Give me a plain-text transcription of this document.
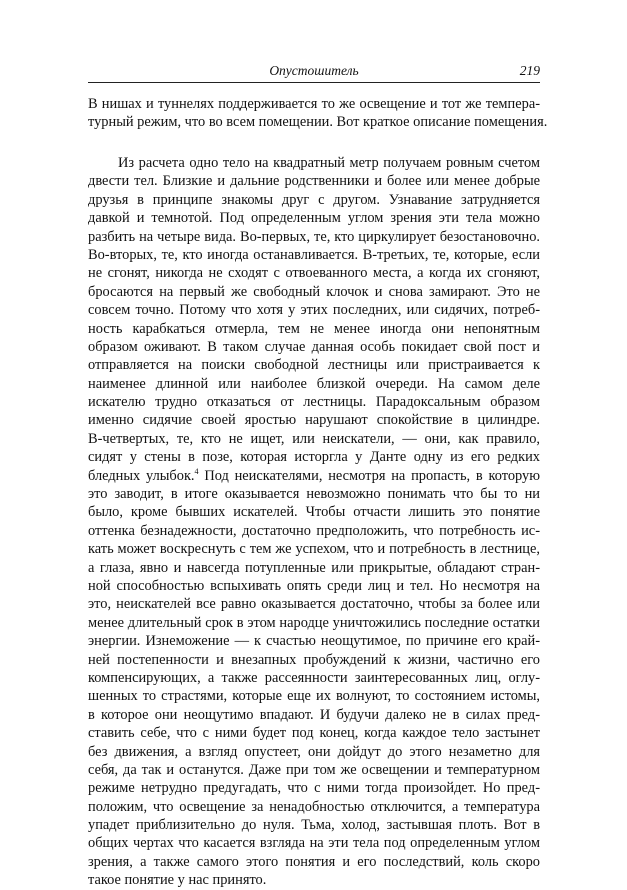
Опустошитель	219
В нишах и туннелях поддерживается то же освещение и тот же темпера-
турный режим, что во всем помещении. Вот краткое описание помещения.
Из расчета одно тело на квадратный метр получаем ровным счетом
двести тел. Близкие и дальние родственники и более или менее добрые
друзья в принципе знакомы друг с другом. Узнавание затрудняется
давкой и темнотой. Под определенным углом зрения эти тела можно
разбить на четыре вида. Во-первых, те, кто циркулирует безостановочно.
Во-вторых, те, кто иногда останавливается. В-третьих, те, которые, если
не сгонят, никогда не сходят с отвоеванного места, а когда их сгоняют,
бросаются на первый же свободный клочок и снова замирают. Это не
совсем точно. Потому что хотя у этих последних, или сидячих, потреб-
ность карабкаться отмерла, тем не менее иногда они непонятным
образом оживают. В таком случае данная особь покидает свой пост и
отправляется на поиски свободной лестницы или пристраивается к
наименее длинной или наиболее близкой очереди. На самом деле
искателю трудно отказаться от лестницы. Парадоксальным образом
именно сидячие своей яростью нарушают спокойствие в цилиндре.
В-четвертых, те, кто не ищет, или неискатели, — они, как правило,
сидят у стены в позе, которая исторгла у Данте одну из его редких
бледных улыбок.$^4$ Под неискателями, несмотря на пропасть, в которую
это заводит, в итоге оказывается невозможно понимать что бы то ни
было, кроме бывших искателей. Чтобы отчасти лишить это понятие
оттенка безнадежности, достаточно предположить, что потребность ис-
кать может воскреснуть с тем же успехом, что и потребность в лестнице,
а глаза, явно и навсегда потупленные или прикрытые, обладают стран-
ной способностью вспыхивать опять среди лиц и тел. Но несмотря на
это, неискателей все равно оказывается достаточно, чтобы за более или
менее длительный срок в этом народце уничтожились последние остатки
энергии. Изнеможение — к счастью неощутимое, по причине его край-
ней постепенности и внезапных пробуждений к жизни, частично его
компенсирующих, а также рассеянности заинтересованных лиц, оглу-
шенных то страстями, которые еще их волнуют, то состоянием истомы,
в которое они неощутимо впадают. И будучи далеко не в силах пред-
ставить себе, что с ними будет под конец, когда каждое тело застынет
без движения, а взгляд опустеет, они дойдут до этого незаметно для
себя, да так и останутся. Даже при том же освещении и температурном
режиме нетрудно предугадать, что с ними тогда произойдет. Но пред-
положим, что освещение за ненадобностью отключится, а температура
упадет приблизительно до нуля. Тьма, холод, застывшая плоть. Вот в
общих чертах что касается взгляда на эти тела под определенным углом
зрения, а также самого этого понятия и его последствий, коль скоро
такое понятие у нас принято.
